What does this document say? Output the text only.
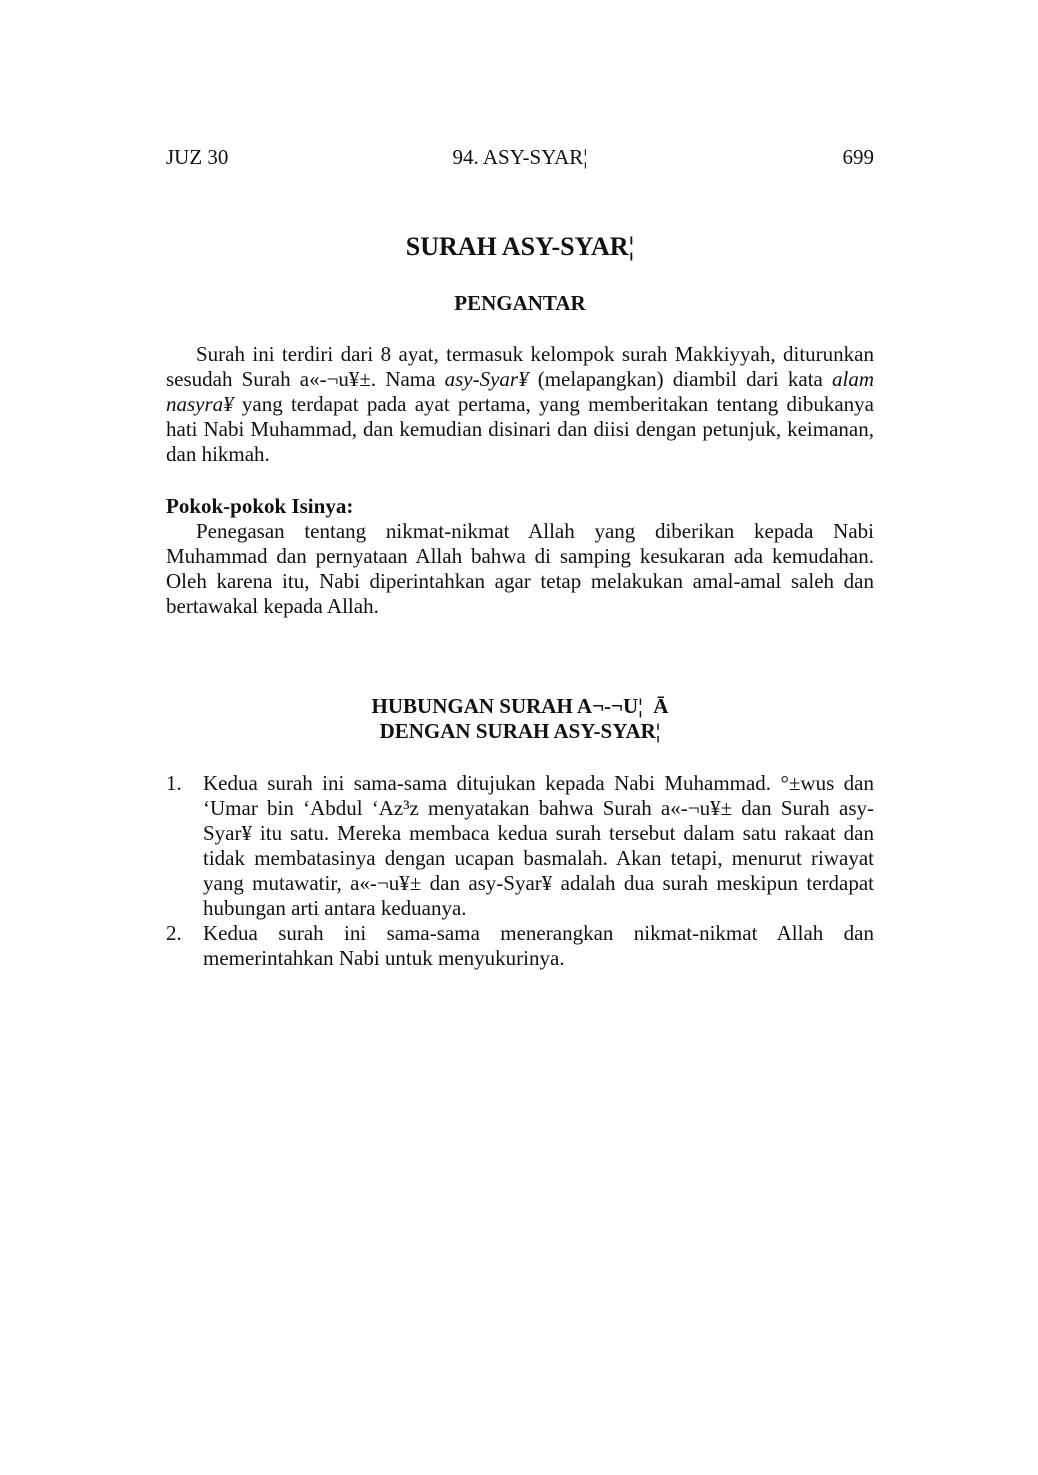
JUZ 30	94. ASY-SYAR¦	699
SURAH ASY-SYAR¦
PENGANTAR

Surah ini terdiri dari 8 ayat, termasuk kelompok surah Makkiyyah, diturunkan sesudah Surah a«-¬u¥±. Nama asy-Syar¥ (melapangkan) diambil dari kata alam nasyra¥ yang terdapat pada ayat pertama, yang memberitakan tentang dibukanya hati Nabi Muhammad, dan kemudian disinari dan diisi dengan petunjuk, keimanan, dan hikmah.

Pokok-pokok Isinya:

Penegasan tentang nikmat-nikmat Allah yang diberikan kepada Nabi Muhammad dan pernyataan Allah bahwa di samping kesukaran ada kemudahan. Oleh karena itu, Nabi diperintahkan agar tetap melakukan amal-amal saleh dan bertawakal kepada Allah.

HUBUNGAN SURAH A¬-¬U¦  Ā
DENGAN SURAH ASY-SYAR¦
1. Kedua surah ini sama-sama ditujukan kepada Nabi Muhammad. °±wus dan ‘Umar bin ‘Abdul ‘Az³z menyatakan bahwa Surah a«-¬u¥± dan Surah asy-Syar¥ itu satu. Mereka membaca kedua surah tersebut dalam satu rakaat dan tidak membatasinya dengan ucapan basmalah. Akan tetapi, menurut riwayat yang mutawatir, a«-¬u¥± dan asy-Syar¥ adalah dua surah meskipun terdapat hubungan arti antara keduanya.

2. Kedua surah ini sama-sama menerangkan nikmat-nikmat Allah dan memerintahkan Nabi untuk menyukurinya.
